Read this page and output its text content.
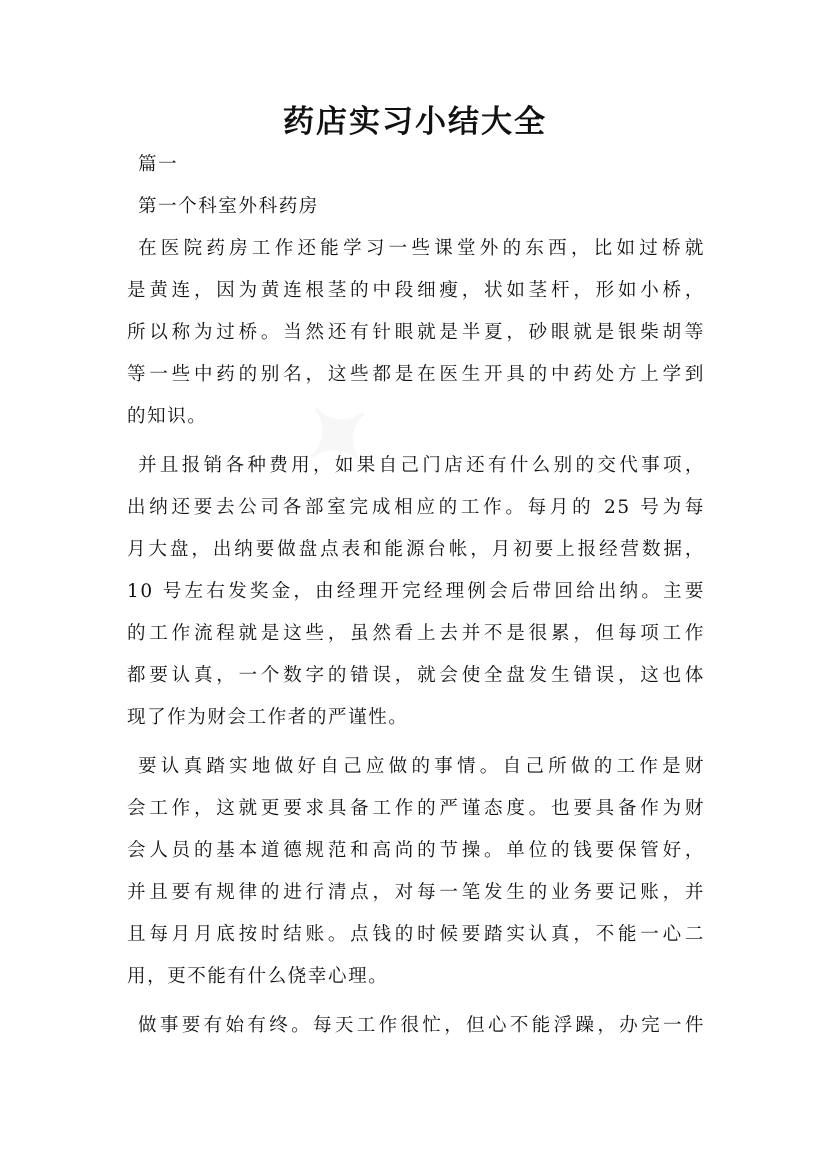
✦
药店实习小结大全
篇一
第一个科室外科药房
在医院药房工作还能学习一些课堂外的东西，比如过桥就
是黄连，因为黄连根茎的中段细瘦，状如茎杆，形如小桥，
所以称为过桥。当然还有针眼就是半夏，砂眼就是银柴胡等
等一些中药的别名，这些都是在医生开具的中药处方上学到
的知识。
并且报销各种费用，如果自己门店还有什么别的交代事项，
出纳还要去公司各部室完成相应的工作。每月的 25 号为每
月大盘，出纳要做盘点表和能源台帐，月初要上报经营数据，
10 号左右发奖金，由经理开完经理例会后带回给出纳。主要
的工作流程就是这些，虽然看上去并不是很累，但每项工作
都要认真，一个数字的错误，就会使全盘发生错误，这也体
现了作为财会工作者的严谨性。
要认真踏实地做好自己应做的事情。自己所做的工作是财
会工作，这就更要求具备工作的严谨态度。也要具备作为财
会人员的基本道德规范和高尚的节操。单位的钱要保管好，
并且要有规律的进行清点，对每一笔发生的业务要记账，并
且每月月底按时结账。点钱的时候要踏实认真，不能一心二
用，更不能有什么侥幸心理。
做事要有始有终。每天工作很忙，但心不能浮躁，办完一件
